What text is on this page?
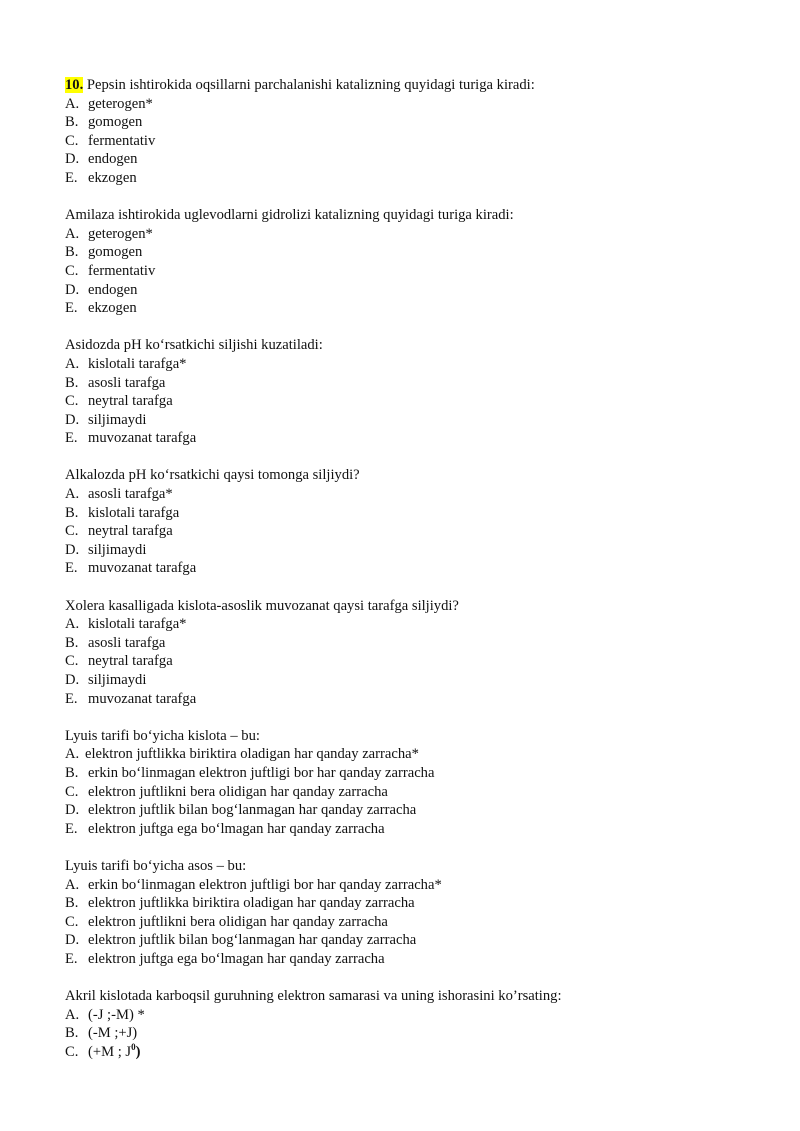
10. Pepsin ishtirokida oqsillarni parchalanishi katalizning quyidagi turiga kiradi:
A. geterogen*
B. gomogen
C. fermentativ
D. endogen
E. ekzogen
Amilaza ishtirokida uglevodlarni gidrolizi katalizning quyidagi turiga kiradi:
A. geterogen*
B. gomogen
C. fermentativ
D. endogen
E. ekzogen
Asidozda pH ko‘rsatkichi siljishi kuzatiladi:
A. kislotali tarafga*
B. asosli tarafga
C. neytral tarafga
D. siljimaydi
E. muvozanat tarafga
Alkalozda pH ko‘rsatkichi qaysi tomonga siljiydi?
A. asosli tarafga*
B. kislotali tarafga
C. neytral tarafga
D. siljimaydi
E. muvozanat tarafga
Xolera kasalligada kislota-asoslik muvozanat qaysi tarafga siljiydi?
A. kislotali tarafga*
B. asosli tarafga
C. neytral tarafga
D. siljimaydi
E. muvozanat tarafga
Lyuis tarifi bo‘yicha kislota – bu:
A. elektron juftlikka biriktira oladigan har qanday zarracha*
B. erkin bo‘linmagan elektron juftligi bor har qanday zarracha
C. elektron juftlikni bera olidigan har qanday zarracha
D. elektron juftlik bilan bog‘lanmagan har qanday zarracha
E. elektron juftga ega bo‘lmagan har qanday zarracha
Lyuis tarifi bo‘yicha asos – bu:
A. erkin bo‘linmagan elektron juftligi bor har qanday zarracha*
B. elektron juftlikka biriktira oladigan har qanday zarracha
C. elektron juftlikni bera olidigan har qanday zarracha
D. elektron juftlik bilan bog‘lanmagan har qanday zarracha
E. elektron juftga ega bo‘lmagan har qanday zarracha
Akril kislotada karboqsil guruhning elektron samarasi va uning ishorasini ko’rsating:
A. (-J ;-M) *
B. (-M ;+J)
C. (+M ; $J^0$)
